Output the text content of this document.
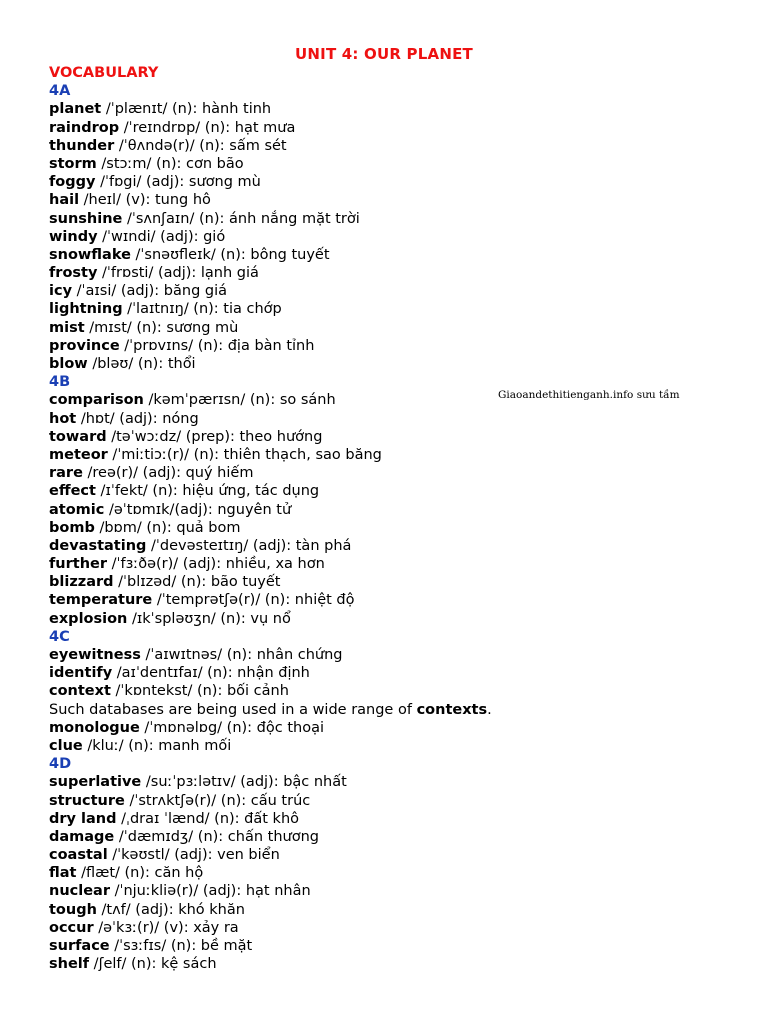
UNIT 4: OUR PLANET
VOCABULARY
4A
planet /ˈplænɪt/ (n): hành tinh
raindrop /ˈreɪndrɒp/ (n): hạt mưa
thunder /ˈθʌndə(r)/ (n): sấm sét
storm /stɔːm/ (n): cơn bão
foggy /ˈfɒgi/ (adj): sương mù
hail /heɪl/ (v): tung hô
sunshine /ˈsʌnʃaɪn/ (n): ánh nắng mặt trời
windy /ˈwɪndi/ (adj): gió
snowflake /ˈsnəʊfleɪk/ (n): bông tuyết
frosty /ˈfrɒsti/ (adj): lạnh giá
icy /ˈaɪsi/ (adj): băng giá
lightning /ˈlaɪtnɪŋ/ (n): tia chớp
mist /mɪst/ (n): sương mù
province /ˈprɒvɪns/ (n): địa bàn tỉnh
blow /bləʊ/ (n): thổi
4B
comparison /kəmˈpærɪsn/ (n): so sánh
hot /hɒt/ (adj): nóng
toward /təˈwɔːdz/ (prep): theo hướng
meteor /ˈmiːtiɔː(r)/ (n): thiên thạch, sao băng
rare /reə(r)/ (adj): quý hiếm
effect /ɪˈfekt/ (n): hiệu ứng, tác dụng
atomic /əˈtɒmɪk/(adj): nguyên tử
bomb /bɒm/ (n): quả bom
devastating /ˈdevəsteɪtɪŋ/ (adj): tàn phá
further /ˈfɜːðə(r)/ (adj): nhiều, xa hơn
blizzard /ˈblɪzəd/ (n): bão tuyết
temperature /ˈtemprətʃə(r)/ (n): nhiệt độ
explosion /ɪkˈspləʊʒn/ (n): vụ nổ
4C
eyewitness /ˈaɪwɪtnəs/ (n): nhân chứng
identify /aɪˈdentɪfaɪ/ (n): nhận định
context /ˈkɒntekst/ (n): bối cảnh
Such databases are being used in a wide range of contexts.
monologue /ˈmɒnəlɒg/ (n): độc thoại
clue /kluː/ (n): manh mối
4D
superlative /suːˈpɜːlətɪv/ (adj): bậc nhất
structure /ˈstrʌktʃə(r)/ (n): cấu trúc
dry land /ˌdraɪ ˈlænd/ (n): đất khô
damage /ˈdæmɪdʒ/ (n): chấn thương
coastal /ˈkəʊstl/ (adj): ven biển
flat /flæt/ (n): căn hộ
nuclear /ˈnjuːkliə(r)/ (adj): hạt nhân
tough /tʌf/ (adj): khó khăn
occur /əˈkɜː(r)/ (v): xảy ra
surface /ˈsɜːfɪs/ (n): bề mặt
shelf /ʃelf/ (n): kệ sách
Giaoandethitienganh.info sưu tầm
